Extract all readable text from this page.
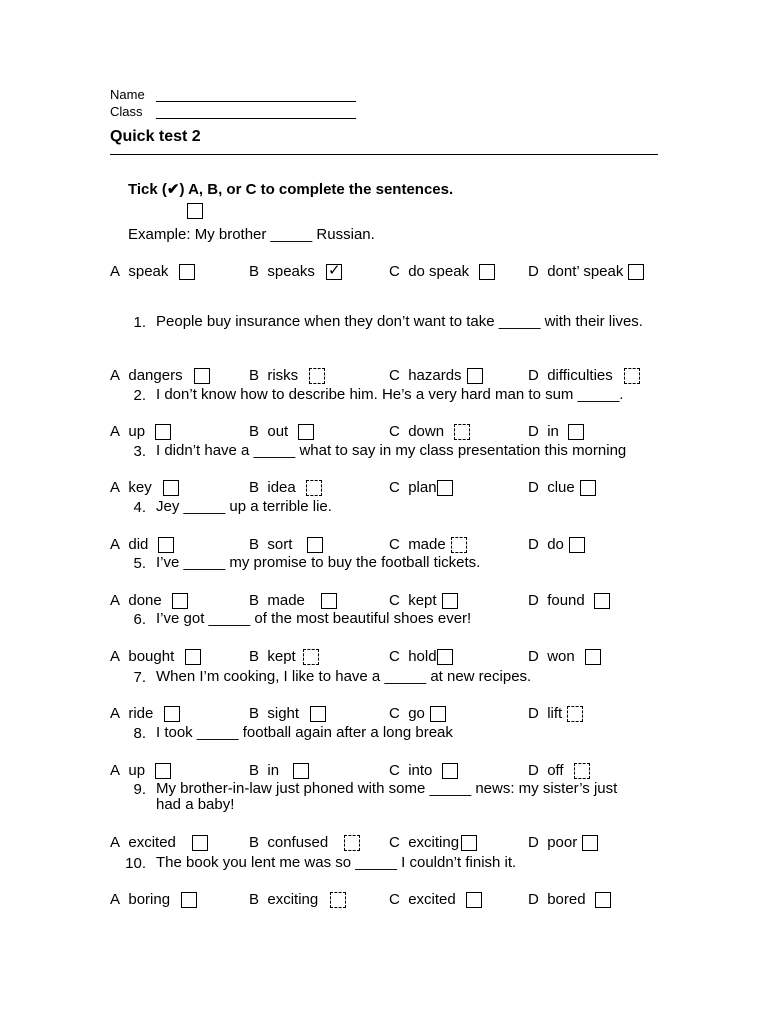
Name
Class
Quick test 2
Tick (✔) A, B, or C to complete the sentences.
Example: My brother _____ Russian.
A speak	B speaks ✓	C do speak	D dont’ speak
1. People buy insurance when they don’t want to take _____ with their lives.
A dangers	B risks	C hazards	D difficulties
2. I don’t know how to describe him. He’s a very hard man to sum _____.
A up	B out	C down	D in
3. I didn’t have a _____ what to say in my class presentation this morning
A key	B idea	C plan	D clue
4. Jey _____ up a terrible lie.
A did	B sort	C made	D do
5. I’ve _____ my promise to buy the football tickets.
A done	B made	C kept	D found
6. I’ve got _____ of the most beautiful shoes ever!
A bought	B kept	C hold	D won
7. When I’m cooking, I like to have a _____ at new recipes.
A ride	B sight	C go	D lift
8. I took _____ football again after a long break
A up	B in	C into	D off
9. My brother-in-law just phoned with some _____ news: my sister’s just had a baby!
A excited	B confused	C exciting	D poor
10. The book you lent me was so _____ I couldn’t finish it.
A boring	B exciting	C excited	D bored
